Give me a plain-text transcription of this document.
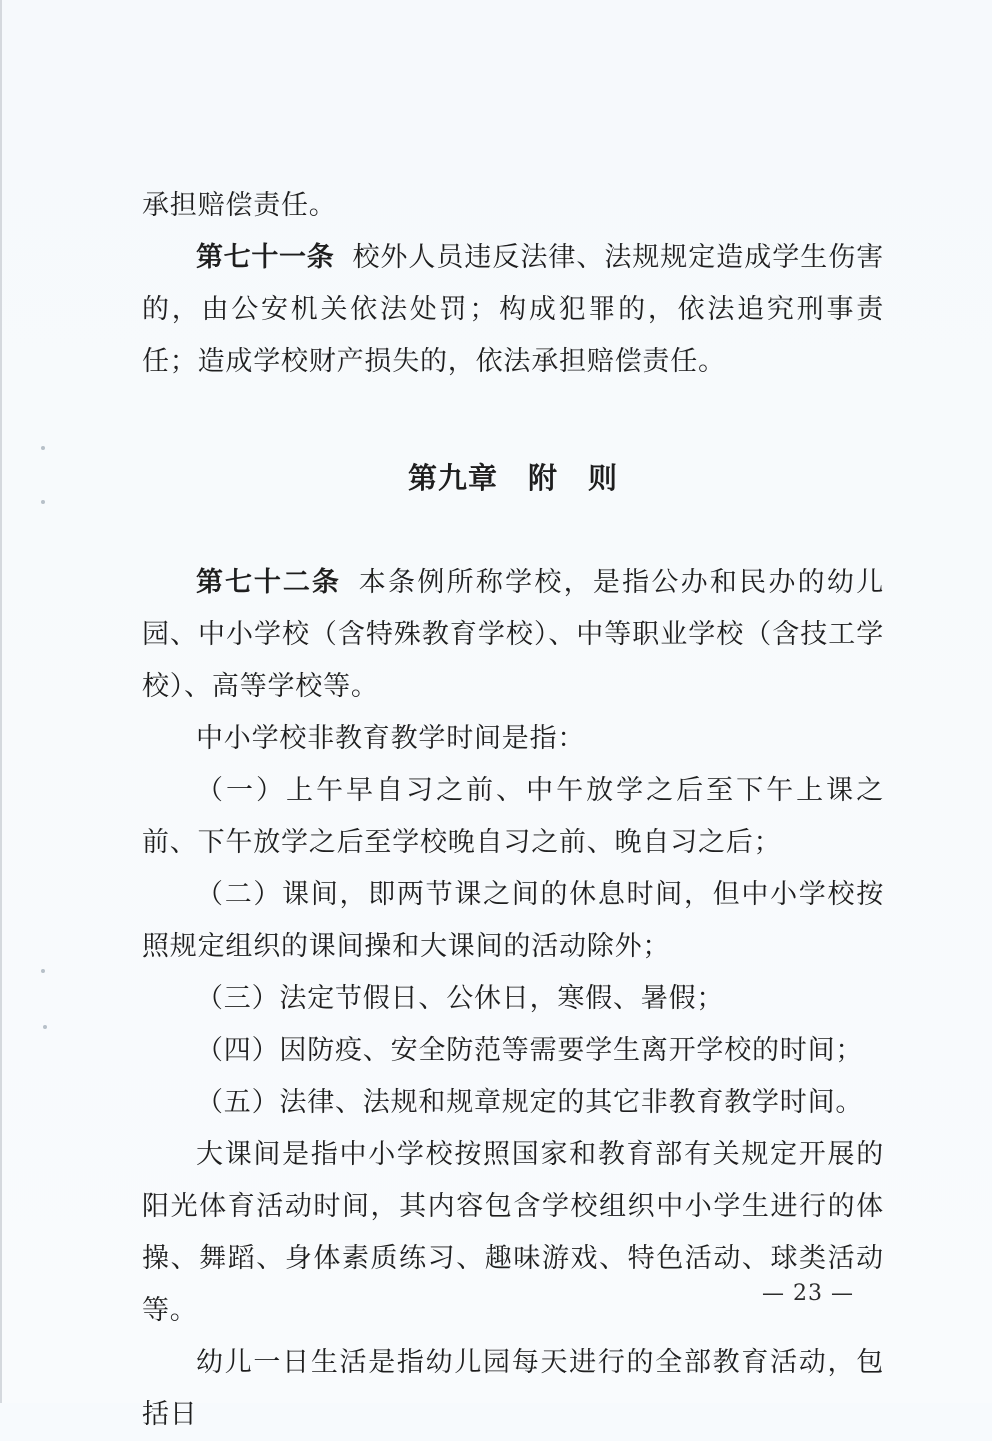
承担赔偿责任。

第七十一条 校外人员违反法律、法规规定造成学生伤害的，由公安机关依法处罚；构成犯罪的，依法追究刑事责任；造成学校财产损失的，依法承担赔偿责任。

第九章　附　则

第七十二条 本条例所称学校，是指公办和民办的幼儿园、中小学校（含特殊教育学校）、中等职业学校（含技工学校）、高等学校等。

中小学校非教育教学时间是指：

（一）上午早自习之前、中午放学之后至下午上课之前、下午放学之后至学校晚自习之前、晚自习之后；

（二）课间，即两节课之间的休息时间，但中小学校按照规定组织的课间操和大课间的活动除外；

（三）法定节假日、公休日，寒假、暑假；

（四）因防疫、安全防范等需要学生离开学校的时间；

（五）法律、法规和规章规定的其它非教育教学时间。

大课间是指中小学校按照国家和教育部有关规定开展的阳光体育活动时间，其内容包含学校组织中小学生进行的体操、舞蹈、身体素质练习、趣味游戏、特色活动、球类活动等。

幼儿一日生活是指幼儿园每天进行的全部教育活动，包括日

— 23 —
